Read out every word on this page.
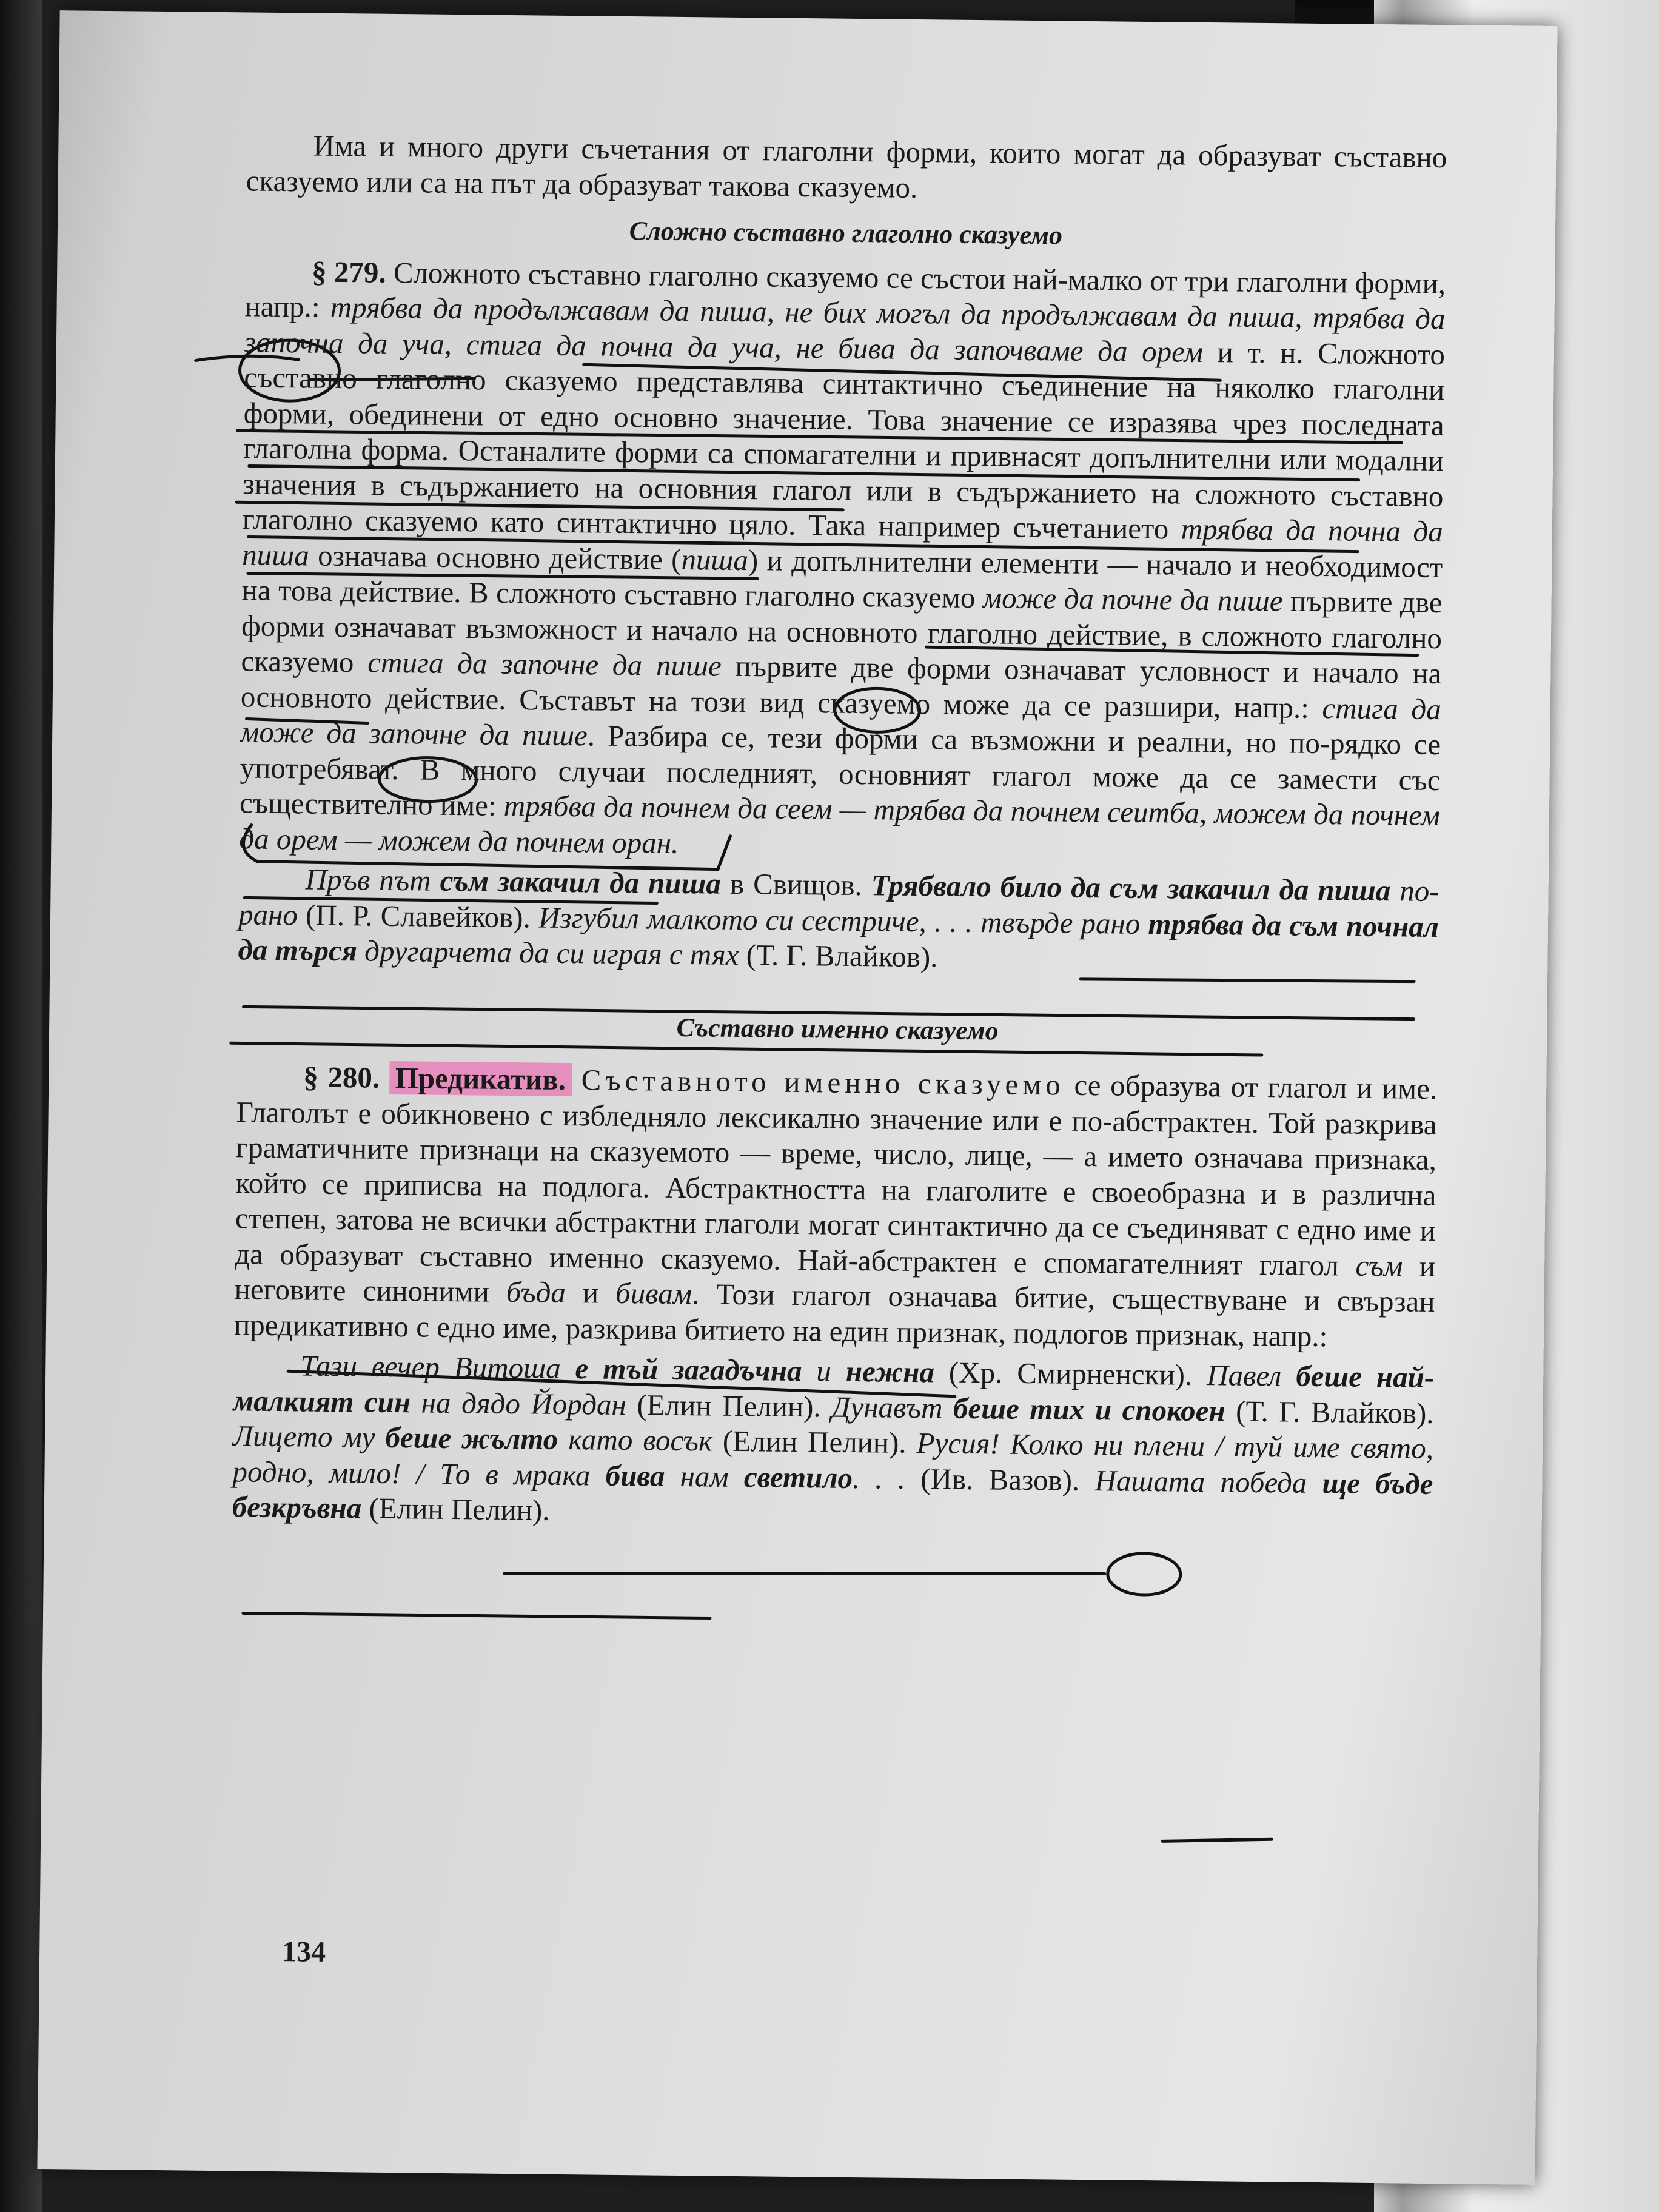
Има и много други съчетания от глаголни форми, които могат да образуват съставно сказуемо или са на път да образуват такова сказуемо.

Сложно съставно глаголно сказуемо

§ 279. Сложното съставно глаголно сказуемо се състои най-малко от три глаголни форми, напр.: трябва да продължавам да пиша, не бих могъл да продължавам да пиша, трябва да започна да уча, стига да почна да уча, не бива да започваме да орем и т. н. Сложното съставно глаголно сказуемо представлява синтактично съединение на няколко глаголни форми, обединени от едно основно значение. Това значение се изразява чрез последната глаголна форма. Останалите форми са спомагателни и привнасят допълнителни или модални значения в съдържанието на основния глагол или в съдържанието на сложното съставно глаголно сказуемо като синтактично цяло. Така например съчетанието трябва да почна да пиша означава основно действие (пиша) и допълнителни елементи — начало и необходимост на това действие. В сложното съставно глаголно сказуемо може да почне да пише първите две форми означават възможност и начало на основното глаголно действие, в сложното глаголно сказуемо стига да започне да пише първите две форми означават условност и начало на основното действие. Съставът на този вид сказуемо може да се разшири, напр.: стига да може да започне да пише. Разбира се, тези форми са възможни и реални, но по-рядко се употребяват. В много случаи последният, основният глагол може да се замести със съществително име: трябва да почнем да сеем — трябва да почнем сеитба, можем да почнем да орем — можем да почнем оран.

Пръв път съм закачил да пиша в Свищов. Трябвало било да съм закачил да пиша по-рано (П. Р. Славейков). Изгубил малкото си сестриче, . . . твърде рано трябва да съм почнал да търся другарчета да си играя с тях (Т. Г. Влайков).

Съставно именно сказуемо

§ 280. Предикатив. Съставното именно сказуемо се образува от глагол и име. Глаголът е обикновено с избледняло лексикално значение или е по-абстрактен. Той разкрива граматичните признаци на сказуемото — време, число, лице, — а името означава признака, който се приписва на подлога. Абстрактността на глаголите е своеобразна и в различна степен, затова не всички абстрактни глаголи могат синтактично да се съединяват с едно име и да образуват съставно именно сказуемо. Най-абстрактен е спомагателният глагол съм и неговите синоними бъда и бивам. Този глагол означава битие, съществуване и свързан предикативно с едно име, разкрива битието на един признак, подлогов признак, напр.:

Тази вечер Витоша е тъй загадъчна и нежна (Хр. Смирненски). Павел беше най-малкият син на дядо Йордан (Елин Пелин). Дунавът беше тих и спокоен (Т. Г. Влайков). Лицето му беше жълто като восък (Елин Пелин). Русия! Колко ни плени / туй име свято, родно, мило! / То в мрака бива нам светило. . . (Ив. Вазов). Нашата победа ще бъде безкръвна (Елин Пелин).

134
